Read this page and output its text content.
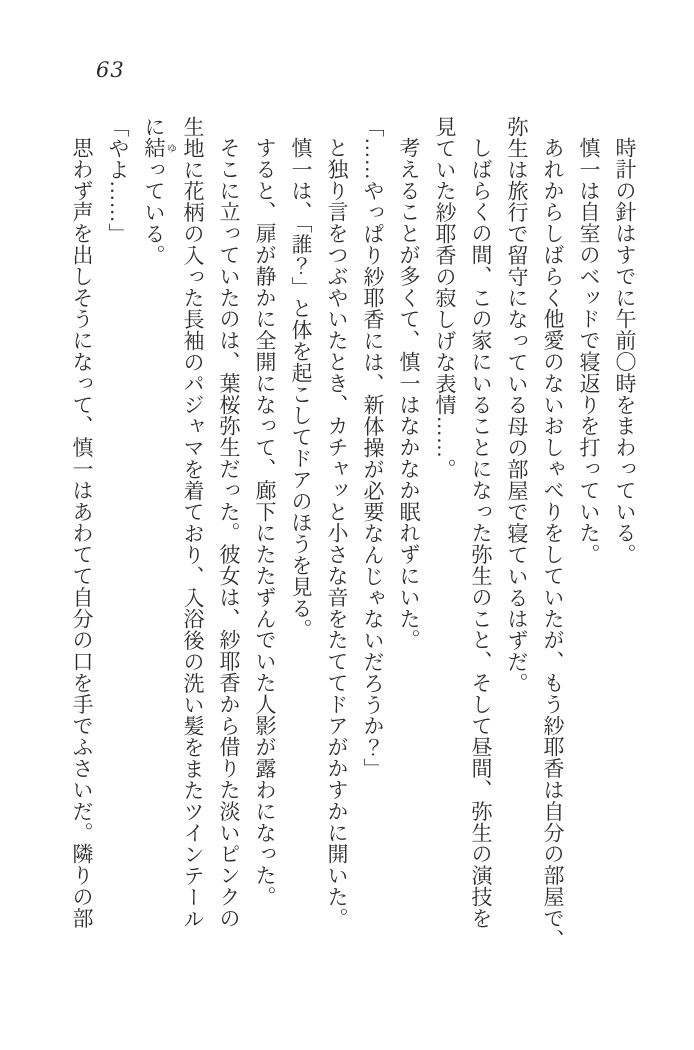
63

時計の針はすでに午前〇時をまわっている。

慎一は自室のベッドで寝返りを打っていた。

あれからしばらく他愛のないおしゃべりをしていたが、もう紗耶香は自分の部屋で、

弥生は旅行で留守になっている母の部屋で寝ているはずだ。

しばらくの間、この家にいることになった弥生のこと、そして昼間、弥生の演技を

見ていた紗耶香の寂しげな表情……。

考えることが多くて、慎一はなかなか眠れずにいた。

「……やっぱり紗耶香には、新体操が必要なんじゃないだろうか？」

と独り言をつぶやいたとき、カチャッと小さな音をたててドアがかすかに開いた。

慎一は、「誰？」と体を起こしてドアのほうを見る。

すると、扉が静かに全開になって、廊下にたたずんでいた人影が露わになった。

そこに立っていたのは、葉桜弥生だった。彼女は、紗耶香から借りた淡いピンクの

生地に花柄の入った長袖のパジャマを着ており、入浴後の洗い髪をまたツインテール

に結ゆっている。

「やよ……」

思わず声を出しそうになって、慎一はあわてて自分の口を手でふさいだ。隣りの部
